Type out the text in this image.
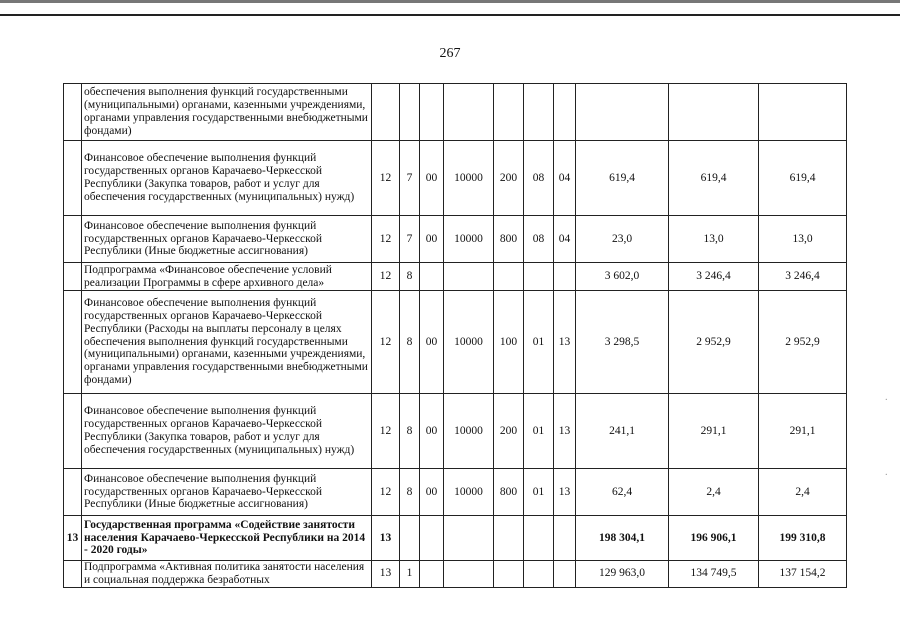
267
·
·
	обеспечения выполнения функций государственными (муниципальными) органами, казенными учреждениями, органами управления государственными внебюджетными фондами)										
	Финансовое обеспечение выполнения функций государственных органов Карачаево-Черкесской Республики (Закупка товаров, работ и услуг для обеспечения государственных (муниципальных) нужд)	12	7	00	10000	200	08	04	619,4	619,4	619,4
	Финансовое обеспечение выполнения функций государственных органов Карачаево-Черкесской Республики (Иные бюджетные ассигнования)	12	7	00	10000	800	08	04	23,0	13,0	13,0
	Подпрограмма «Финансовое обеспечение условий реализации Программы в сфере архивного дела»	12	8						3 602,0	3 246,4	3 246,4
	Финансовое обеспечение выполнения функций государственных органов Карачаево-Черкесской Республики (Расходы на выплаты персоналу в целях обеспечения выполнения функций государственными (муниципальными) органами, казенными учреждениями, органами управления государственными внебюджетными фондами)	12	8	00	10000	100	01	13	3 298,5	2 952,9	2 952,9
	Финансовое обеспечение выполнения функций государственных органов Карачаево-Черкесской Республики (Закупка товаров, работ и услуг для обеспечения государственных (муниципальных) нужд)	12	8	00	10000	200	01	13	241,1	291,1	291,1
	Финансовое обеспечение выполнения функций государственных органов Карачаево-Черкесской Республики (Иные бюджетные ассигнования)	12	8	00	10000	800	01	13	62,4	2,4	2,4
13	Государственная программа «Содействие занятости населения Карачаево-Черкесской Республики на 2014 - 2020 годы»	13							198 304,1	196 906,1	199 310,8
	Подпрограмма «Активная политика занятости населения и социальная поддержка безработных	13	1						129 963,0	134 749,5	137 154,2
